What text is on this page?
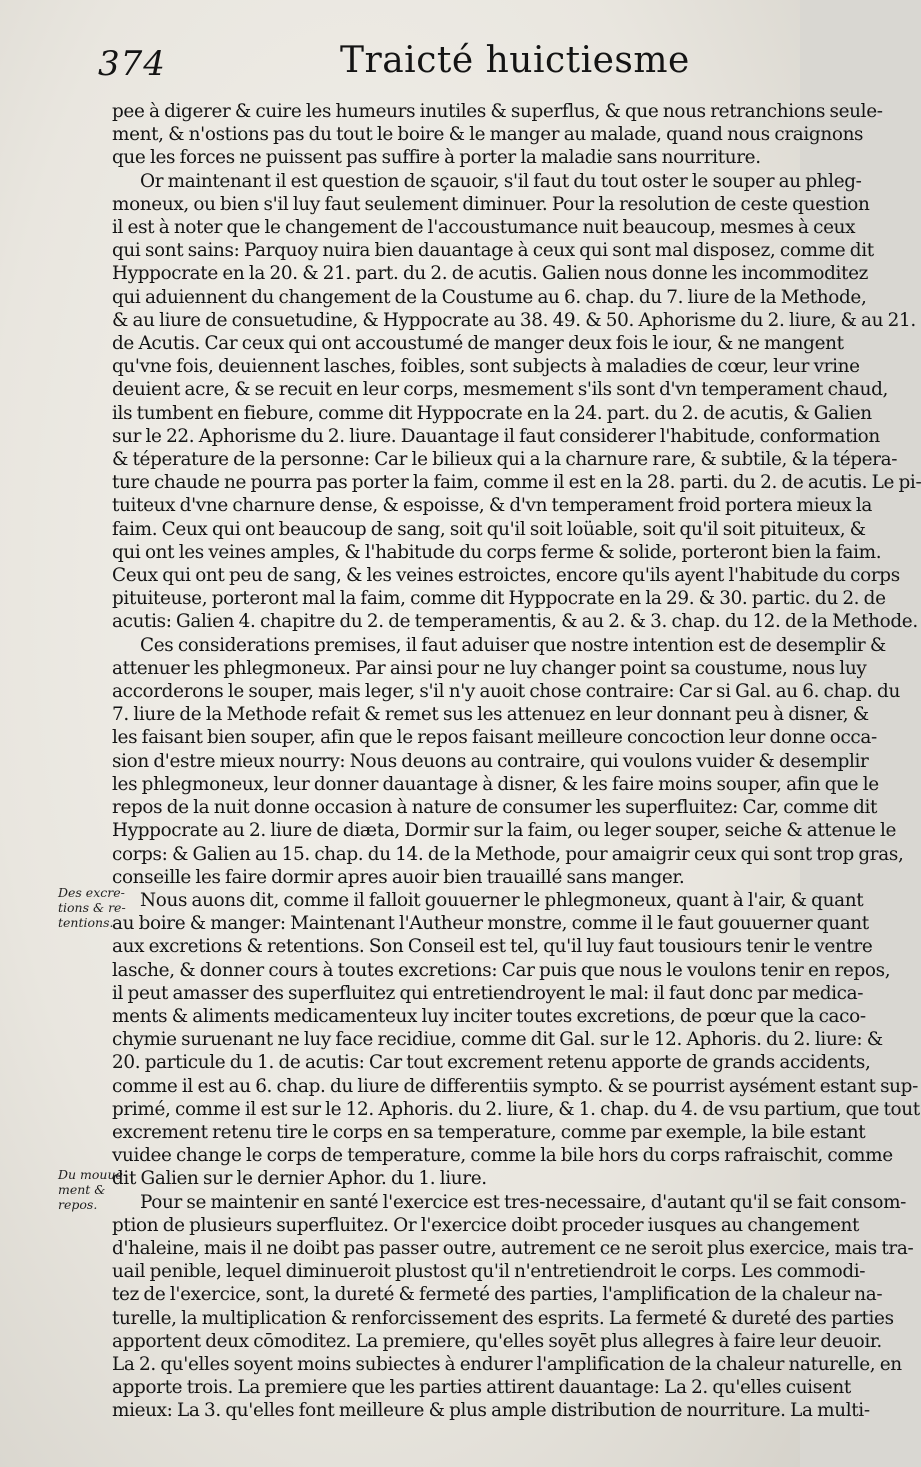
374	Traicté huictiesme
Des excre-
tions & re-
tentions.
Du mouue-
ment &
repos.
pee à digerer & cuire les humeurs inutiles & superflus, & que nous retranchions seule-
ment, & n'ostions pas du tout le boire & le manger au malade, quand nous craignons
que les forces ne puissent pas suffire à porter la maladie sans nourriture.
Or maintenant il est question de sçauoir, s'il faut du tout oster le souper au phleg-
moneux, ou bien s'il luy faut seulement diminuer. Pour la resolution de ceste question
il est à noter que le changement de l'accoustumance nuit beaucoup, mesmes à ceux
qui sont sains: Parquoy nuira bien dauantage à ceux qui sont mal disposez, comme dit
Hyppocrate en la 20. & 21. part. du 2. de acutis. Galien nous donne les incommoditez
qui aduiennent du changement de la Coustume au 6. chap. du 7. liure de la Methode,
& au liure de consuetudine, & Hyppocrate au 38. 49. & 50. Aphorisme du 2. liure, & au 21.
de Acutis. Car ceux qui ont accoustumé de manger deux fois le iour, & ne mangent
qu'vne fois, deuiennent lasches, foibles, sont subjects à maladies de cœur, leur vrine
deuient acre, & se recuit en leur corps, mesmement s'ils sont d'vn temperament chaud,
ils tumbent en fiebure, comme dit Hyppocrate en la 24. part. du 2. de acutis, & Galien
sur le 22. Aphorisme du 2. liure. Dauantage il faut considerer l'habitude, conformation
& téperature de la personne: Car le bilieux qui a la charnure rare, & subtile, & la tépera-
ture chaude ne pourra pas porter la faim, comme il est en la 28. parti. du 2. de acutis. Le pi-
tuiteux d'vne charnure dense, & espoisse, & d'vn temperament froid portera mieux la
faim. Ceux qui ont beaucoup de sang, soit qu'il soit loüable, soit qu'il soit pituiteux, &
qui ont les veines amples, & l'habitude du corps ferme & solide, porteront bien la faim.
Ceux qui ont peu de sang, & les veines estroictes, encore qu'ils ayent l'habitude du corps
pituiteuse, porteront mal la faim, comme dit Hyppocrate en la 29. & 30. partic. du 2. de
acutis: Galien 4. chapitre du 2. de temperamentis, & au 2. & 3. chap. du 12. de la Methode.
Ces considerations premises, il faut aduiser que nostre intention est de desemplir &
attenuer les phlegmoneux. Par ainsi pour ne luy changer point sa coustume, nous luy
accorderons le souper, mais leger, s'il n'y auoit chose contraire: Car si Gal. au 6. chap. du
7. liure de la Methode refait & remet sus les attenuez en leur donnant peu à disner, &
les faisant bien souper, afin que le repos faisant meilleure concoction leur donne occa-
sion d'estre mieux nourry: Nous deuons au contraire, qui voulons vuider & desemplir
les phlegmoneux, leur donner dauantage à disner, & les faire moins souper, afin que le
repos de la nuit donne occasion à nature de consumer les superfluitez: Car, comme dit
Hyppocrate au 2. liure de diæta, Dormir sur la faim, ou leger souper, seiche & attenue le
corps: & Galien au 15. chap. du 14. de la Methode, pour amaigrir ceux qui sont trop gras,
conseille les faire dormir apres auoir bien trauaillé sans manger.
Nous auons dit, comme il falloit gouuerner le phlegmoneux, quant à l'air, & quant
au boire & manger: Maintenant l'Autheur monstre, comme il le faut gouuerner quant
aux excretions & retentions. Son Conseil est tel, qu'il luy faut tousiours tenir le ventre
lasche, & donner cours à toutes excretions: Car puis que nous le voulons tenir en repos,
il peut amasser des superfluitez qui entretiendroyent le mal: il faut donc par medica-
ments & aliments medicamenteux luy inciter toutes excretions, de pœur que la caco-
chymie suruenant ne luy face recidiue, comme dit Gal. sur le 12. Aphoris. du 2. liure: &
20. particule du 1. de acutis: Car tout excrement retenu apporte de grands accidents,
comme il est au 6. chap. du liure de differentiis sympto. & se pourrist aysément estant sup-
primé, comme il est sur le 12. Aphoris. du 2. liure, & 1. chap. du 4. de vsu partium, que tout
excrement retenu tire le corps en sa temperature, comme par exemple, la bile estant
vuidee change le corps de temperature, comme la bile hors du corps rafraischit, comme
dit Galien sur le dernier Aphor. du 1. liure.
Pour se maintenir en santé l'exercice est tres-necessaire, d'autant qu'il se fait consom-
ption de plusieurs superfluitez. Or l'exercice doibt proceder iusques au changement
d'haleine, mais il ne doibt pas passer outre, autrement ce ne seroit plus exercice, mais tra-
uail penible, lequel diminueroit plustost qu'il n'entretiendroit le corps. Les commodi-
tez de l'exercice, sont, la dureté & fermeté des parties, l'amplification de la chaleur na-
turelle, la multiplication & renforcissement des esprits. La fermeté & dureté des parties
apportent deux cōmoditez. La premiere, qu'elles soyēt plus allegres à faire leur deuoir.
La 2. qu'elles soyent moins subiectes à endurer l'amplification de la chaleur naturelle, en
apporte trois. La premiere que les parties attirent dauantage: La 2. qu'elles cuisent
mieux: La 3. qu'elles font meilleure & plus ample distribution de nourriture. La multi-
